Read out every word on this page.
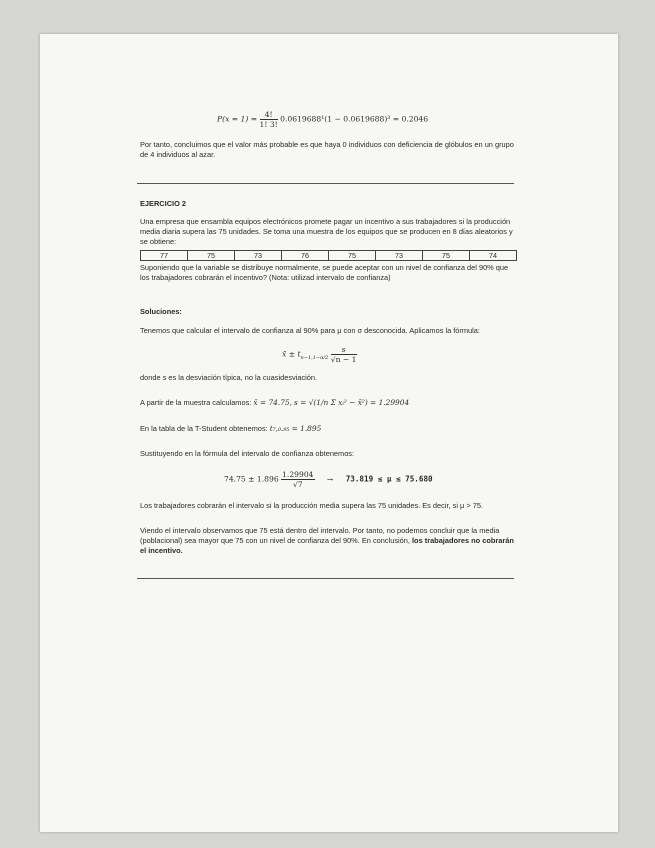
$P(x = 1) = \frac{4!}{1! 3!} 0.0619688^1(1 - 0.0619688)^3 = 0.2046$
Por tanto, concluimos que el valor más probable es que haya 0 individuos con deficiencia de glóbulos en un grupo de 4 individuos al azar.
EJERCICIO 2
Una empresa que ensambla equipos electrónicos promete pagar un incentivo a sus trabajadores si la producción media diaria supera las 75 unidades. Se toma una muestra de los equipos que se producen en 8 días aleatorios y se obtiene:
77	75	73	76	75	73	75	74
Suponiendo que la variable se distribuye normalmente, se puede aceptar con un nivel de confianza del 90% que los trabajadores cobrarán el incentivo? (Nota: utilizad intervalo de confianza)
Soluciones:
Tenemos que calcular el intervalo de confianza al 90% para μ con σ desconocida. Aplicamos la fórmula:
x̄ ± $t_{n-1,1-\alpha/2} \frac{s}{√n - 1}$
donde s es la desviación típica, no la cuasidesviación.
A partir de la muestra calculamos: x̄ = 74.75, s = √(1/n Σ xᵢ² − x̄²) = 1.29904
En la tabla de la T-Student obtenemos: t₇,₀.₉₅ = 1.895
Sustituyendo en la fórmula del intervalo de confianza obtenemos:
$74.75 \pm 1.896 \frac{1.29904}{√7} \to 73.819 \le \mu \le 75.680$
Los trabajadores cobrarán el intervalo si la producción media supera las 75 unidades. Es decir, si μ > 75.
Viendo el intervalo observamos que 75 está dentro del intervalo. Por tanto, no podemos concluir que la media (poblacional) sea mayor que 75 con un nivel de confianza del 90%. En conclusión, los trabajadores no cobrarán el incentivo.
